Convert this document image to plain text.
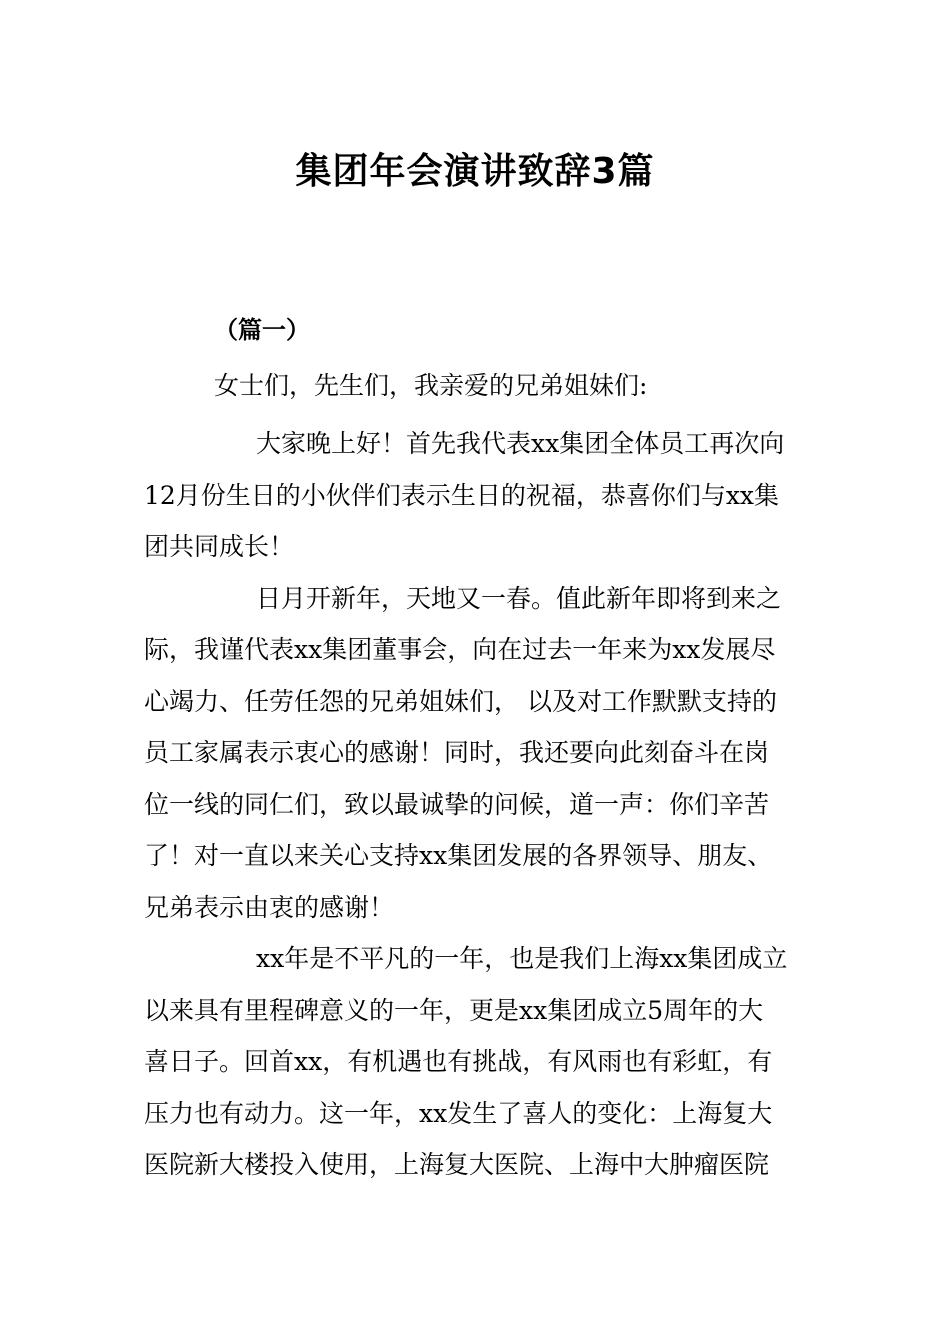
集团年会演讲致辞3篇
（篇一）
女士们，先生们，我亲爱的兄弟姐妹们:
大家晚上好！首先我代表xx集团全体员工再次向
12月份生日的小伙伴们表示生日的祝福，恭喜你们与xx集
团共同成长！
日月开新年，天地又一春。值此新年即将到来之
际，我谨代表xx集团董事会，向在过去一年来为xx发展尽
心竭力、任劳任怨的兄弟姐妹们， 以及对工作默默支持的
员工家属表示衷心的感谢！同时，我还要向此刻奋斗在岗
位一线的同仁们，致以最诚挚的问候，道一声：你们辛苦
了！对一直以来关心支持xx集团发展的各界领导、朋友、
兄弟表示由衷的感谢！
xx年是不平凡的一年，也是我们上海xx集团成立
以来具有里程碑意义的一年，更是xx集团成立5周年的大
喜日子。回首xx，有机遇也有挑战，有风雨也有彩虹，有
压力也有动力。这一年，xx发生了喜人的变化：上海复大
医院新大楼投入使用，上海复大医院、上海中大肿瘤医院
